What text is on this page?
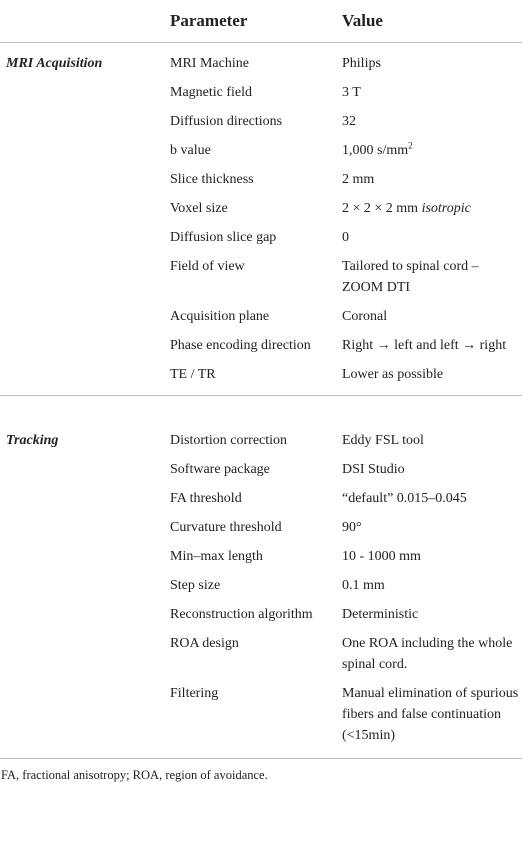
	Parameter	Value
MRI Acquisition	MRI Machine	Philips
	Magnetic field	3 T
	Diffusion directions	32
	b value	1,000 $s/mm^2$
	Slice thickness	2 mm
	Voxel size	2 × 2 × 2 mm isotropic
	Diffusion slice gap	0
	Field of view	Tailored to spinal cord – ZOOM DTI
	Acquisition plane	Coronal
	Phase encoding direction	Right → left and left → right
	TE / TR	Lower as possible
Tracking	Distortion correction	Eddy FSL tool
	Software package	DSI Studio
	FA threshold	“default” 0.015–0.045
	Curvature threshold	90°
	Min–max length	10 - 1000 mm
	Step size	0.1 mm
	Reconstruction algorithm	Deterministic
	ROA design	One ROA including the whole spinal cord.
	Filtering	Manual elimination of spurious fibers and false continuation (<15min)
FA, fractional anisotropy; ROA, region of avoidance.
